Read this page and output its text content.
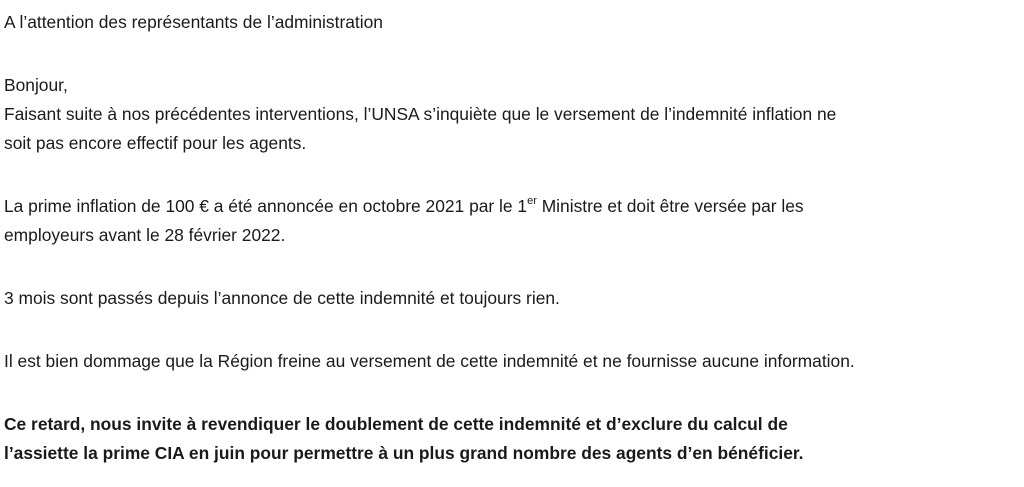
A l’attention des représentants de l’administration

Bonjour,

Faisant suite à nos précédentes interventions, l’UNSA s’inquiète que le versement de l’indemnité inflation ne

soit pas encore effectif pour les agents.

La prime inflation de 100 € a été annoncée en octobre 2021 par le 1er Ministre et doit être versée par les

employeurs avant le 28 février 2022.

3 mois sont passés depuis l’annonce de cette indemnité et toujours rien.

Il est bien dommage que la Région freine au versement de cette indemnité et ne fournisse aucune information.

Ce retard, nous invite à revendiquer le doublement de cette indemnité et d’exclure du calcul de

l’assiette la prime CIA en juin pour permettre à un plus grand nombre des agents d’en bénéficier.
